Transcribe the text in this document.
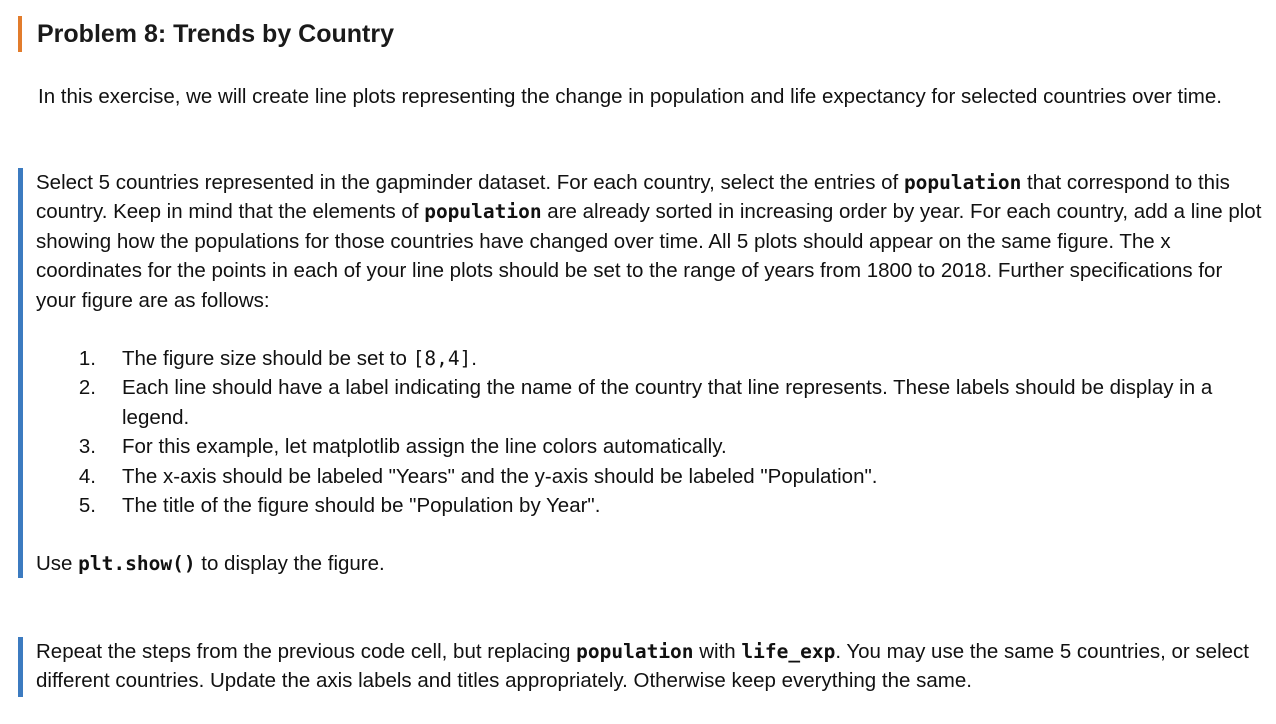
Problem 8: Trends by Country

In this exercise, we will create line plots representing the change in population and life expectancy for selected countries over time.

Select 5 countries represented in the gapminder dataset. For each country, select the entries of population that correspond to this country. Keep in mind that the elements of population are already sorted in increasing order by year. For each country, add a line plot showing how the populations for those countries have changed over time. All 5 plots should appear on the same figure. The x coordinates for the points in each of your line plots should be set to the range of years from 1800 to 2018. Further specifications for your figure are as follows:

1.	The figure size should be set to [8,4].
2.	Each line should have a label indicating the name of the country that line represents. These labels should be display in a legend.
3.	For this example, let matplotlib assign the line colors automatically.
4.	The x-axis should be labeled "Years" and the y-axis should be labeled "Population".
5.	The title of the figure should be "Population by Year".

Use plt.show() to display the figure.

Repeat the steps from the previous code cell, but replacing population with life_exp. You may use the same 5 countries, or select different countries. Update the axis labels and titles appropriately. Otherwise keep everything the same.
